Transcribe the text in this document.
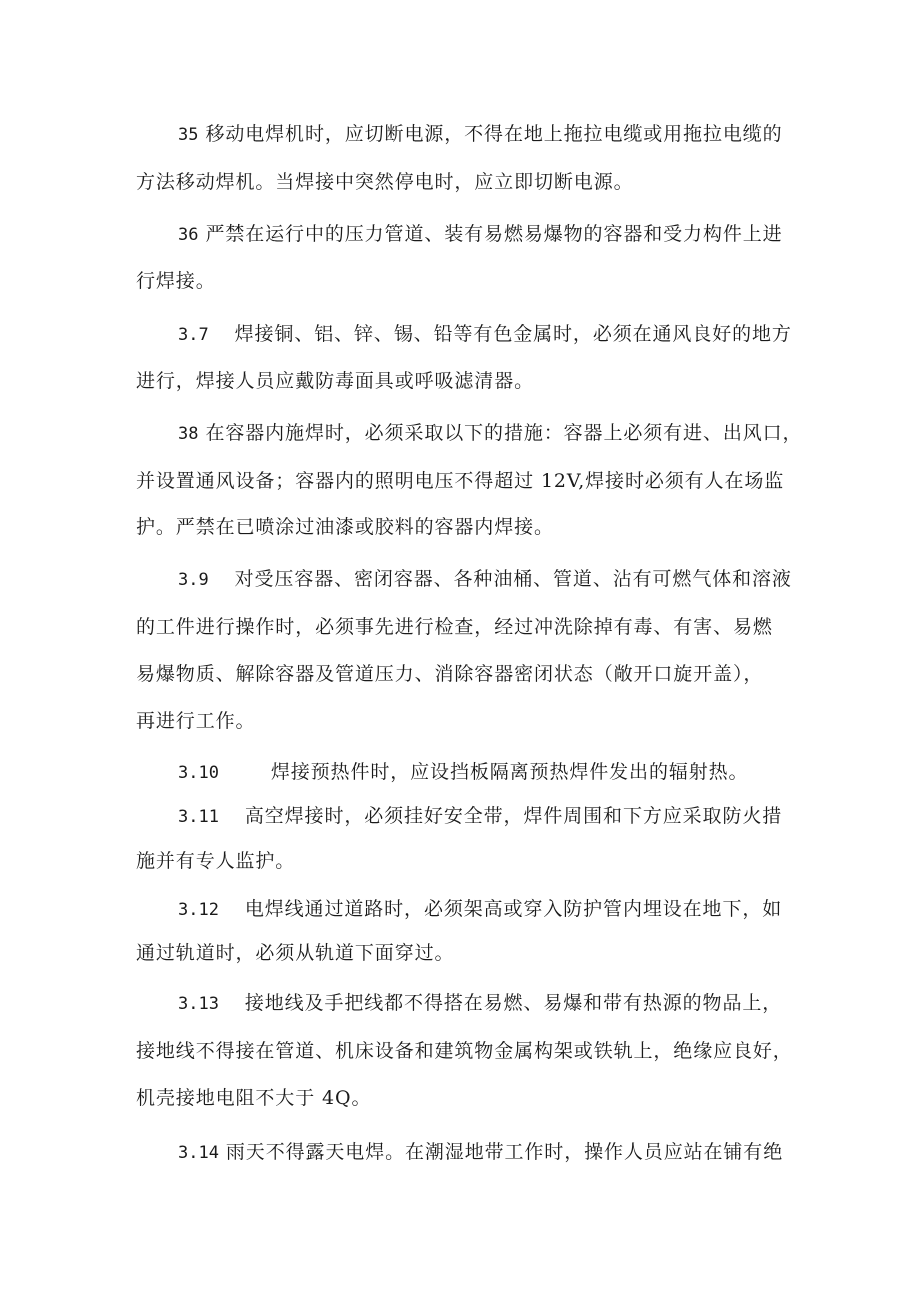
35 移动电焊机时，应切断电源，不得在地上拖拉电缆或用拖拉电缆的
方法移动焊机。当焊接中突然停电时，应立即切断电源。
36 严禁在运行中的压力管道、装有易燃易爆物的容器和受力构件上进
行焊接。
3.7 焊接铜、铝、锌、锡、铅等有色金属时，必须在通风良好的地方
进行，焊接人员应戴防毒面具或呼吸滤清器。
38 在容器内施焊时，必须采取以下的措施：容器上必须有进、出风口，
并设置通风设备；容器内的照明电压不得超过 12V,焊接时必须有人在场监
护。严禁在已喷涂过油漆或胶料的容器内焊接。
3.9 对受压容器、密闭容器、各种油桶、管道、沾有可燃气体和溶液
的工件进行操作时，必须事先进行检查，经过冲洗除掉有毒、有害、易燃
易爆物质、解除容器及管道压力、消除容器密闭状态（敞开口旋开盖），
再进行工作。
3.10	焊接预热件时，应设挡板隔离预热焊件发出的辐射热。
3.11 高空焊接时，必须挂好安全带，焊件周围和下方应采取防火措
施并有专人监护。
3.12 电焊线通过道路时，必须架高或穿入防护管内埋设在地下，如
通过轨道时，必须从轨道下面穿过。
3.13 接地线及手把线都不得搭在易燃、易爆和带有热源的物品上，
接地线不得接在管道、机床设备和建筑物金属构架或铁轨上，绝缘应良好，
机壳接地电阻不大于 4Q。
3.14 雨天不得露天电焊。在潮湿地带工作时，操作人员应站在铺有绝
